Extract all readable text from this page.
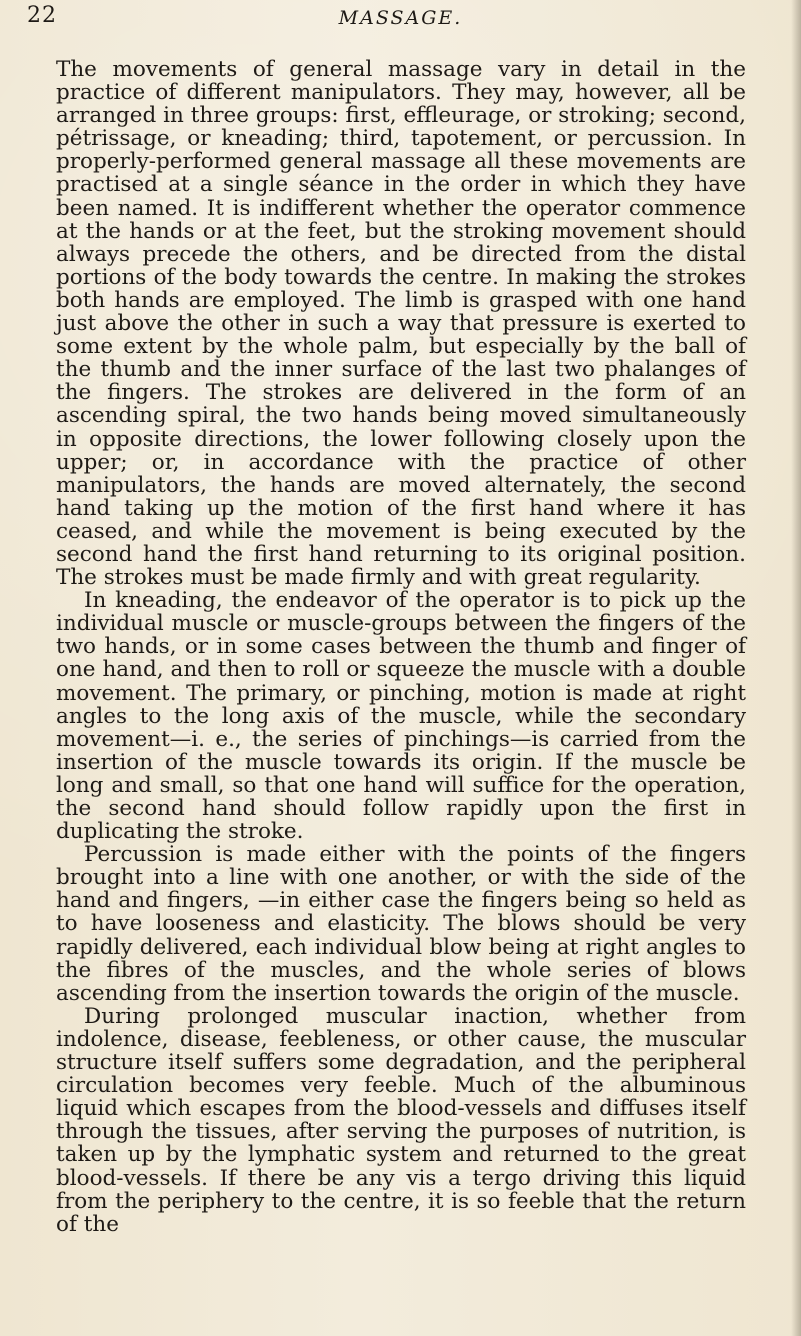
22	MASSAGE.

The movements of general massage vary in detail in the practice of different manipulators. They may, however, all be arranged in three groups: first, effleurage, or stroking; second, pétrissage, or kneading; third, tapotement, or percussion. In properly-performed general massage all these movements are practised at a single séance in the order in which they have been named. It is indifferent whether the operator commence at the hands or at the feet, but the stroking movement should always precede the others, and be directed from the distal portions of the body towards the centre. In making the strokes both hands are employed. The limb is grasped with one hand just above the other in such a way that pressure is exerted to some extent by the whole palm, but especially by the ball of the thumb and the inner surface of the last two phalanges of the fingers. The strokes are delivered in the form of an ascending spiral, the two hands being moved simultaneously in opposite directions, the lower following closely upon the upper; or, in accordance with the practice of other manipulators, the hands are moved alternately, the second hand taking up the motion of the first hand where it has ceased, and while the movement is being executed by the second hand the first hand returning to its original position. The strokes must be made firmly and with great regularity.

In kneading, the endeavor of the operator is to pick up the individual muscle or muscle-groups between the fingers of the two hands, or in some cases between the thumb and finger of one hand, and then to roll or squeeze the muscle with a double movement. The primary, or pinching, motion is made at right angles to the long axis of the muscle, while the secondary movement—i. e., the series of pinchings—is carried from the insertion of the muscle towards its origin. If the muscle be long and small, so that one hand will suffice for the operation, the second hand should follow rapidly upon the first in duplicating the stroke.

Percussion is made either with the points of the fingers brought into a line with one another, or with the side of the hand and fingers, —in either case the fingers being so held as to have looseness and elasticity. The blows should be very rapidly delivered, each individual blow being at right angles to the fibres of the muscles, and the whole series of blows ascending from the insertion towards the origin of the muscle.

During prolonged muscular inaction, whether from indolence, disease, feebleness, or other cause, the muscular structure itself suffers some degradation, and the peripheral circulation becomes very feeble. Much of the albuminous liquid which escapes from the blood-vessels and diffuses itself through the tissues, after serving the purposes of nutrition, is taken up by the lymphatic system and returned to the great blood-vessels. If there be any vis a tergo driving this liquid from the periphery to the centre, it is so feeble that the return of the
